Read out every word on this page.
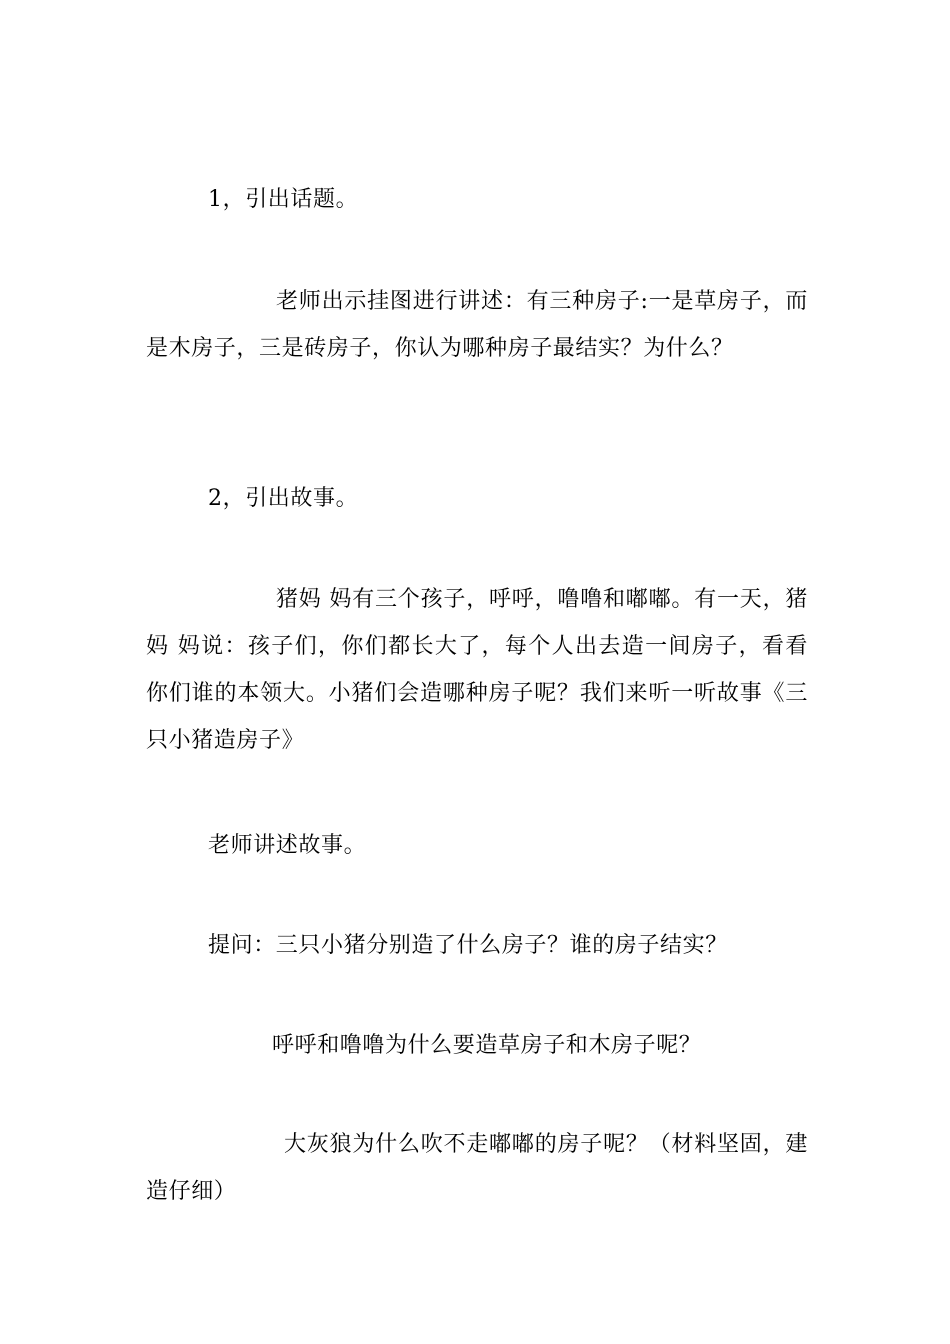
1，引出话题。

老师出示挂图进行讲述：有三种房子:一是草房子，而是木房子，三是砖房子，你认为哪种房子最结实？为什么？

2，引出故事。

猪妈 妈有三个孩子，呼呼，噜噜和嘟嘟。有一天，猪妈 妈说：孩子们，你们都长大了，每个人出去造一间房子，看看你们谁的本领大。小猪们会造哪种房子呢？我们来听一听故事《三只小猪造房子》

老师讲述故事。

提问：三只小猪分别造了什么房子？谁的房子结实？

呼呼和噜噜为什么要造草房子和木房子呢？

大灰狼为什么吹不走嘟嘟的房子呢？（材料坚固，建造仔细）
